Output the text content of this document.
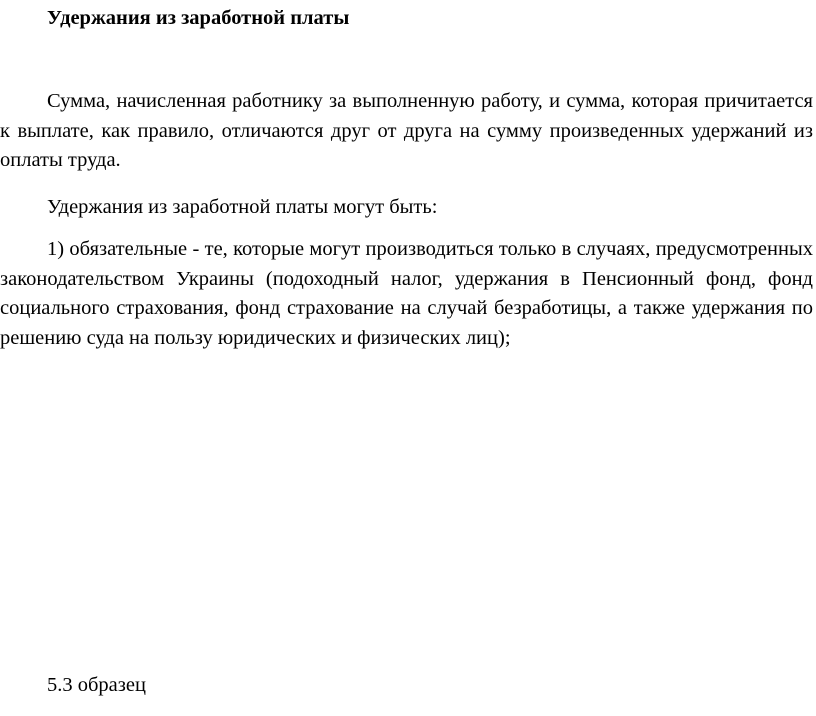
Удержания из заработной платы

Сумма, начисленная работнику за выполненную работу, и сумма, которая причитается к выплате, как правило, отличаются друг от друга на сумму произведенных удержаний из оплаты труда.

Удержания из заработной платы могут быть:

1) обязательные - те, которые могут производиться только в случаях, предусмотренных законодательством Украины (подоходный налог, удержания в Пенсионный фонд, фонд социального страхования, фонд страхование на случай безработицы, а также удержания по решению суда на пользу юридических и физических лиц);

5.3 образец
